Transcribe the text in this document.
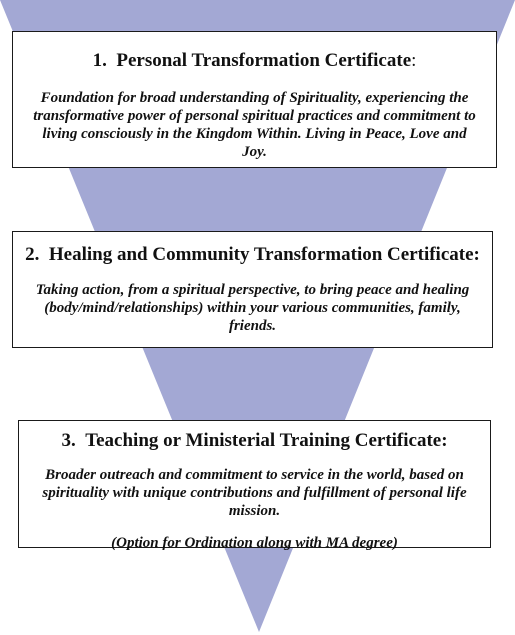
1. Personal Transformation Certificate:
Foundation for broad understanding of Spirituality, experiencing the transformative power of personal spiritual practices and commitment to living consciously in the Kingdom Within. Living in Peace, Love and Joy.
2. Healing and Community Transformation Certificate:
Taking action, from a spiritual perspective, to bring peace and healing (body/mind/relationships) within your various communities, family, friends.
3. Teaching or Ministerial Training Certificate:
Broader outreach and commitment to service in the world, based on spirituality with unique contributions and fulfillment of personal life mission.
(Option for Ordination along with MA degree)
